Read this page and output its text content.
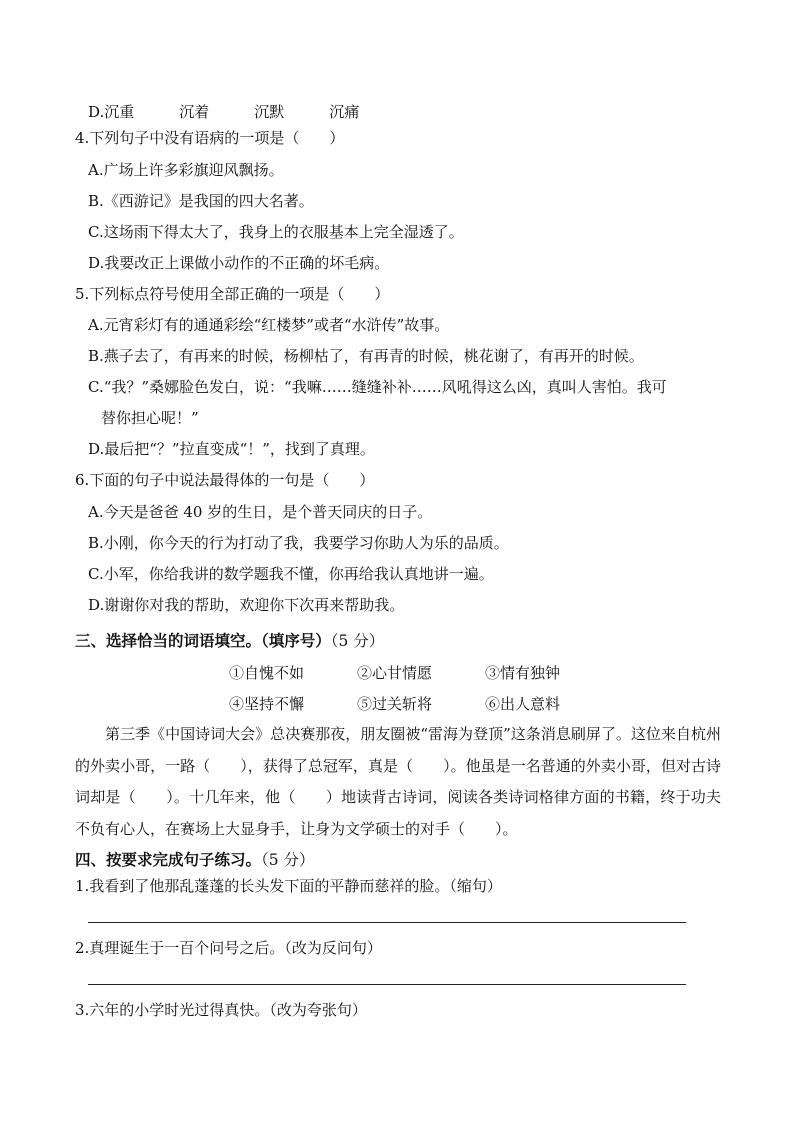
D.沉重　　　沉着　　　沉默　　　沉痛
4.下列句子中没有语病的一项是（　　）
A.广场上许多彩旗迎风飘扬。
B.《西游记》是我国的四大名著。
C.这场雨下得太大了，我身上的衣服基本上完全湿透了。
D.我要改正上课做小动作的不正确的坏毛病。
5.下列标点符号使用全部正确的一项是（　　）
A.元宵彩灯有的通通彩绘“红楼梦”或者“水浒传”故事。
B.燕子去了，有再来的时候，杨柳枯了，有再青的时候，桃花谢了，有再开的时候。
C.“我？”桑娜脸色发白，说：“我嘛……缝缝补补……风吼得这么凶，真叫人害怕。我可
替你担心呢！”
D.最后把“？”拉直变成“！”，找到了真理。
6.下面的句子中说法最得体的一句是（　　）
A.今天是爸爸 40 岁的生日，是个普天同庆的日子。
B.小刚，你今天的行为打动了我，我要学习你助人为乐的品质。
C.小军，你给我讲的数学题我不懂，你再给我认真地讲一遍。
D.谢谢你对我的帮助，欢迎你下次再来帮助我。
三、选择恰当的词语填空。（填序号）（5 分）
①自愧不如	②心甘情愿	③情有独钟
④坚持不懈	⑤过关斩将	⑥出人意料
第三季《中国诗词大会》总决赛那夜，朋友圈被“雷海为登顶”这条消息刷屏了。这位来自杭州的外卖小哥，一路（　　），获得了总冠军，真是（　　）。他虽是一名普通的外卖小哥，但对古诗词却是（　　）。十几年来，他（　　）地读背古诗词，阅读各类诗词格律方面的书籍，终于功夫不负有心人，在赛场上大显身手，让身为文学硕士的对手（　　）。
四、按要求完成句子练习。（5 分）
1.我看到了他那乱蓬蓬的长头发下面的平静而慈祥的脸。（缩句）
2.真理诞生于一百个问号之后。（改为反问句）
3.六年的小学时光过得真快。（改为夸张句）
